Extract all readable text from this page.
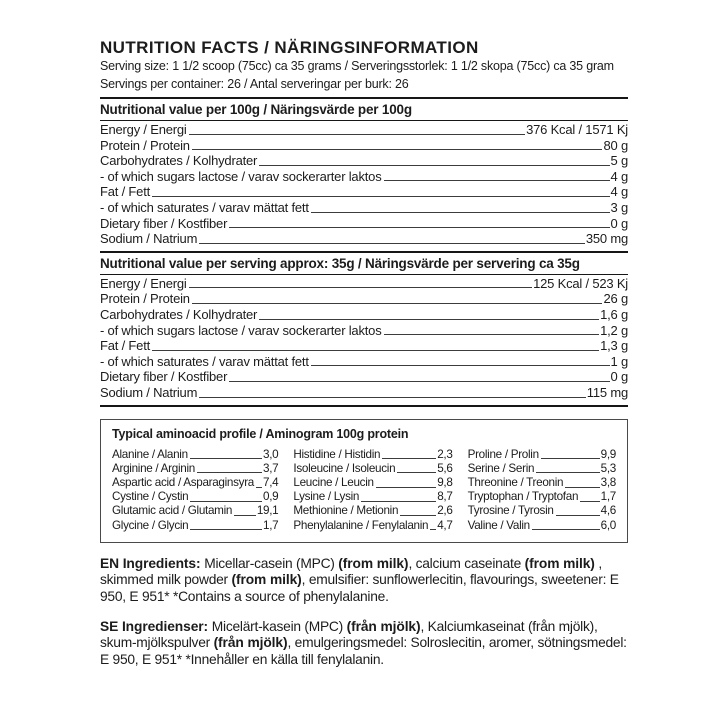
NUTRITION FACTS / NÄRINGSINFORMATION
Serving size: 1 1/2 scoop (75cc) ca 35 grams / Serveringsstorlek: 1 1/2 skopa (75cc) ca 35 gram
Servings per container: 26 / Antal serveringar per burk: 26
Nutritional value per 100g / Näringsvärde per 100g
Energy / Energi	376 Kcal / 1571 Kj
Protein / Protein	80 g
Carbohydrates / Kolhydrater	5 g
- of which sugars lactose / varav sockerarter laktos	4 g
Fat / Fett	4 g
- of which saturates / varav mättat fett	3 g
Dietary fiber / Kostfiber	0 g
Sodium / Natrium	350 mg
Nutritional value per serving approx: 35g / Näringsvärde per servering ca 35g
Energy / Energi	125 Kcal / 523 Kj
Protein / Protein	26 g
Carbohydrates / Kolhydrater	1,6 g
- of which sugars lactose / varav sockerarter laktos	1,2 g
Fat / Fett	1,3 g
- of which saturates / varav mättat fett	1 g
Dietary fiber / Kostfiber	0 g
Sodium / Natrium	115 mg
Typical aminoacid profile / Aminogram 100g protein
Alanine / Alanin	3,0
Arginine / Arginin	3,7
Aspartic acid / Asparaginsyra 7,4
Cystine / Cystin	0,9
Glutamic acid / Glutamin 19,1
Glycine / Glycin	1,7
Histidine / Histidin	2,3
Isoleucine / Isoleucin	5,6
Leucine / Leucin	9,8
Lysine / Lysin	8,7
Methionine / Metionin	2,6
Phenylalanine / Fenylalanin 4,7
Proline / Prolin	9,9
Serine / Serin	5,3
Threonine / Treonin	3,8
Tryptophan / Tryptofan 1,7
Tyrosine / Tyrosin	4,6
Valine / Valin	6,0
EN Ingredients: Micellar-casein (MPC) (from milk), calcium caseinate (from milk) , skimmed milk powder (from milk), emulsifier: sunflowerlecitin, flavourings, sweetener: E 950, E 951* *Contains a source of phenylalanine.
SE Ingredienser: Micelärt-kasein (MPC) (från mjölk), Kalciumkaseinat (från mjölk), skum-mjölkspulver (från mjölk), emulgeringsmedel: Solroslecitin, aromer, sötningsmedel: E 950, E 951* *Innehåller en källa till fenylalanin.
